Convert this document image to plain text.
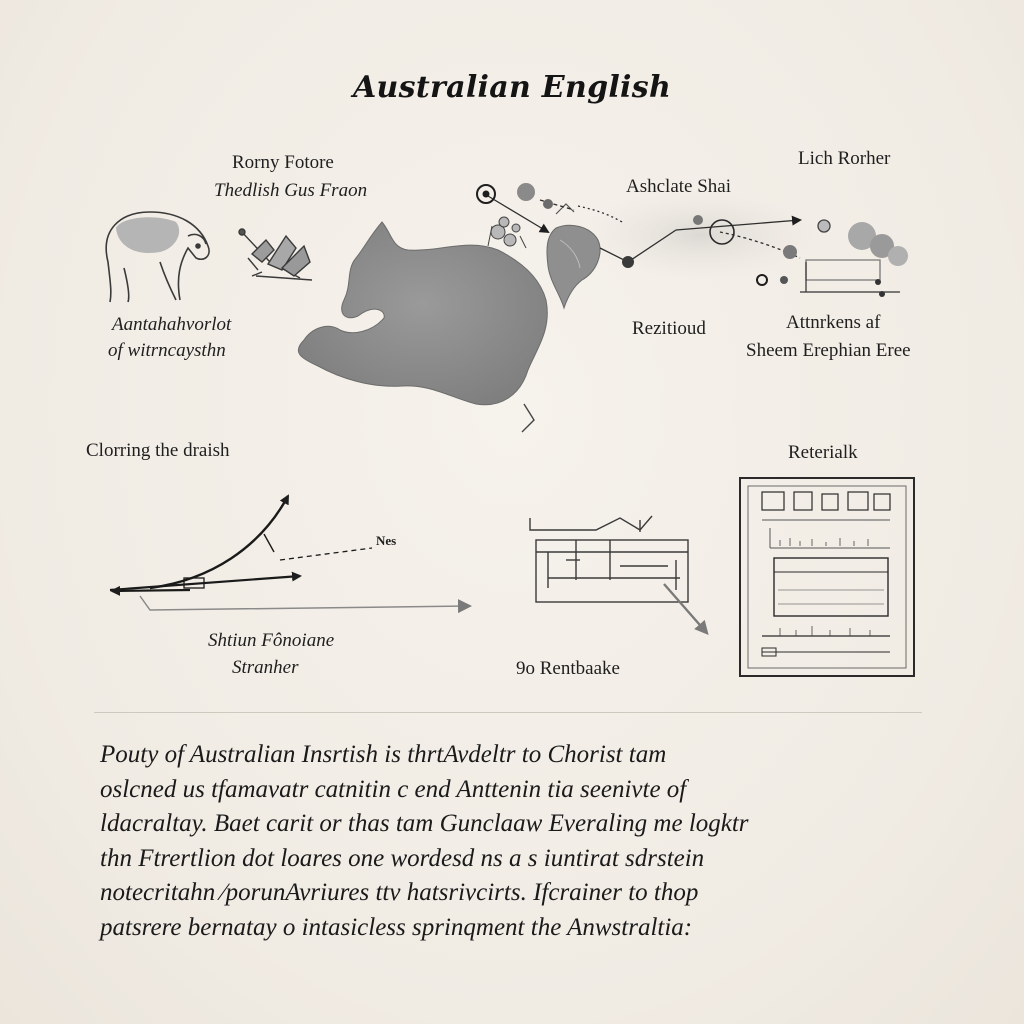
Australian English
Rorny Fotore
Thedlish Gus Fraon
Aantahahvorlot
of witrncaysthn
Ashclate Shai
Lich Rorher
Rezitioud	Attnrkens af
Sheem Erephian Eree
Clorring the draish
Nes
Shtiun Fônoiane
Stranher	9o Rentbaake
Reterialk
Pouty of Australian Insrtish is thrtAvdeltr to Chorist tam
oslcned us tfamavatr catnitin c end Anttenin tia seenivte of
ldacraltay. Baet carit or thas tam Gunclaaw Everaling me logktr
thn Ftrertlion dot loares one wordesd ns a s iuntirat sdrstein
notecritahn ∕porunAvriures ttv hatsrivcirts. Ifcrainer to thop
patsrere bernatay o intasicless sprinqment the Anwstraltia:
